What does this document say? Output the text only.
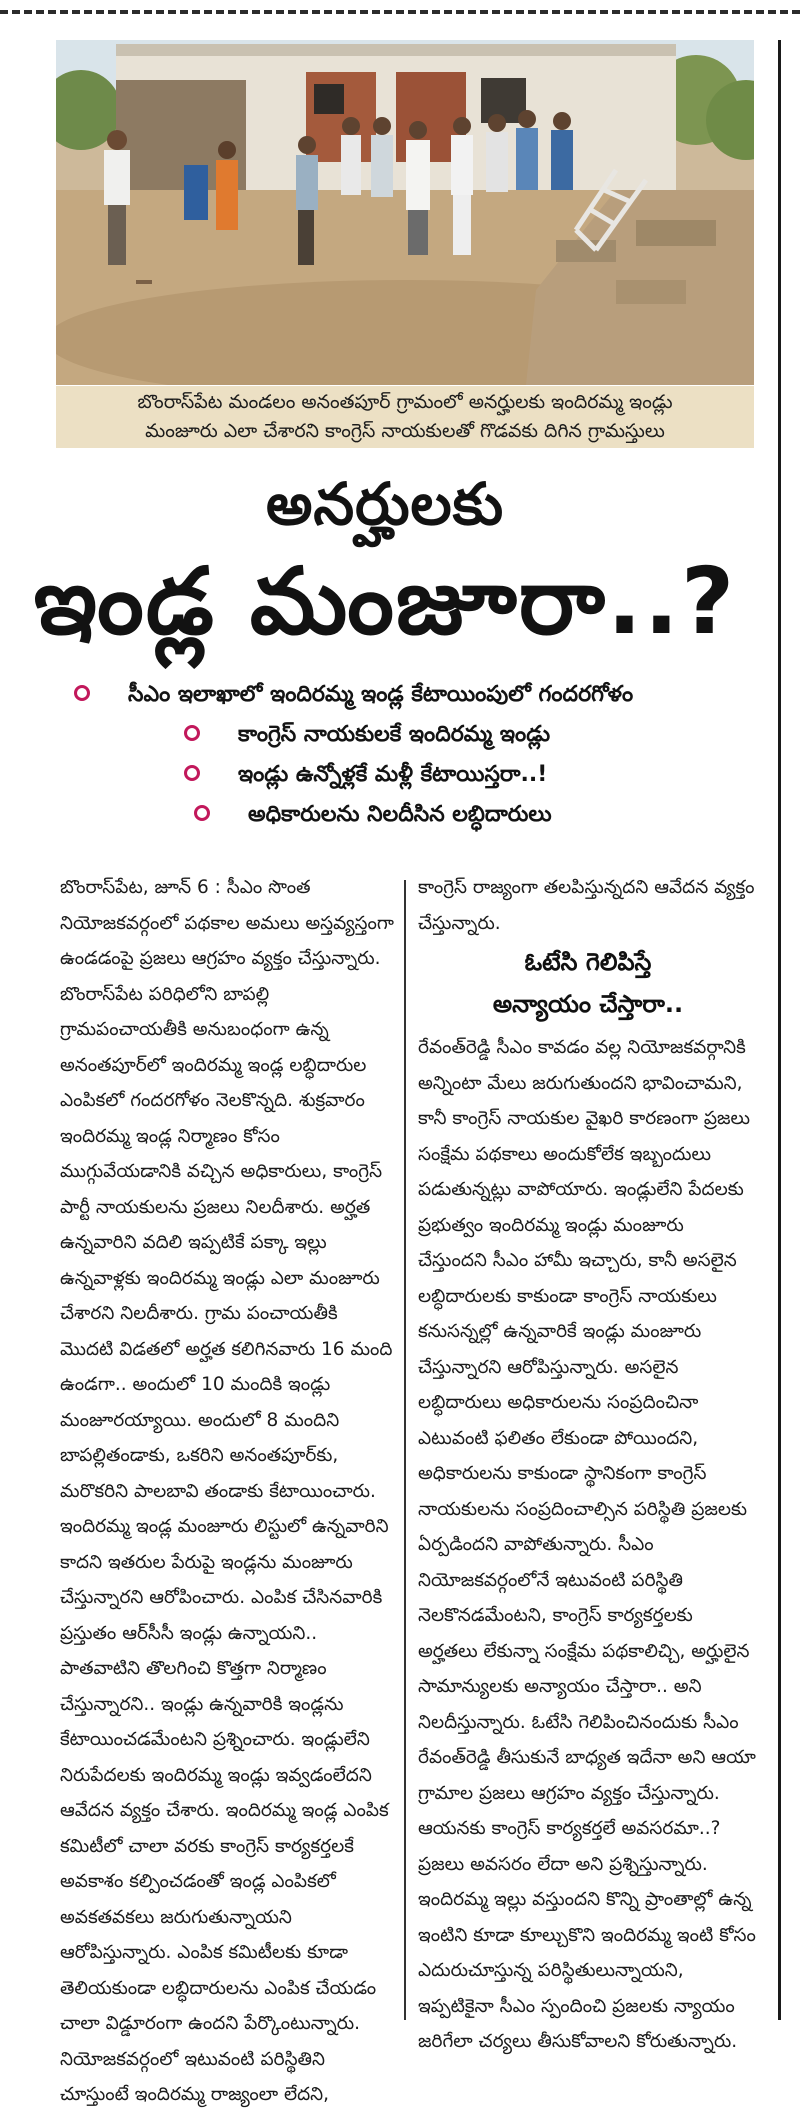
బొంరాస్‌పేట మండలం అనంతపూర్ గ్రామంలో అనర్హులకు ఇందిరమ్మ ఇండ్లు
మంజూరు ఎలా చేశారని కాంగ్రెస్ నాయకులతో గొడవకు దిగిన గ్రామస్తులు
అనర్హులకు
ఇండ్ల మంజూరా..?
సీఎం ఇలాఖాలో ఇందిరమ్మ ఇండ్ల కేటాయింపులో గందరగోళం
కాంగ్రెస్ నాయకులకే ఇందిరమ్మ ఇండ్లు
ఇండ్లు ఉన్నోళ్లకే మళ్లీ కేటాయిస్తరా..!
అధికారులను నిలదీసిన లబ్ధిదారులు

బొంరాస్‌పేట, జూన్ 6 : సీఎం సొంత నియోజకవర్గంలో పథకాల అమలు అస్తవ్యస్తంగా ఉండడంపై ప్రజలు ఆగ్రహం వ్యక్తం చేస్తున్నారు. బొంరాస్‌పేట పరిధిలోని బాపల్లి గ్రామపంచాయతీకి అనుబంధంగా ఉన్న అనంతపూర్‌లో ఇందిరమ్మ ఇండ్ల లబ్ధిదారుల ఎంపికలో గందరగోళం నెలకొన్నది. శుక్రవారం ఇందిరమ్మ ఇండ్ల నిర్మాణం కోసం ముగ్గువేయడానికి వచ్చిన అధికారులు, కాంగ్రెస్ పార్టీ నాయకులను ప్రజలు నిలదీశారు. అర్హత ఉన్నవారిని వదిలి ఇప్పటికే పక్కా ఇల్లు ఉన్నవాళ్లకు ఇందిరమ్మ ఇండ్లు ఎలా మంజూరు చేశారని నిలదీశారు. గ్రామ పంచాయతీకి మొదటి విడతలో అర్హత కలిగినవారు 16 మంది ఉండగా.. అందులో 10 మందికి ఇండ్లు మంజూరయ్యాయి. అందులో 8 మందిని బాపల్లితండాకు, ఒకరిని అనంతపూర్‌కు, మరొకరిని పాలబావి తండాకు కేటాయించారు. ఇందిరమ్మ ఇండ్ల మంజూరు లిస్టులో ఉన్నవారిని కాదని ఇతరుల పేరుపై ఇండ్లను మంజూరు చేస్తున్నారని ఆరోపించారు. ఎంపిక చేసినవారికి ప్రస్తుతం ఆర్‌సీసీ ఇండ్లు ఉన్నాయని.. పాతవాటిని తొలగించి కొత్తగా నిర్మాణం చేస్తున్నారని.. ఇండ్లు ఉన్నవారికి ఇండ్లను కేటాయించడమేంటని ప్రశ్నించారు. ఇండ్లులేని నిరుపేదలకు ఇందిరమ్మ ఇండ్లు ఇవ్వడంలేదని ఆవేదన వ్యక్తం చేశారు. ఇందిరమ్మ ఇండ్ల ఎంపిక కమిటీలో చాలా వరకు కాంగ్రెస్ కార్యకర్తలకే అవకాశం కల్పించడంతో ఇండ్ల ఎంపికలో అవకతవకలు జరుగుతున్నాయని ఆరోపిస్తున్నారు. ఎంపిక కమిటీలకు కూడా తెలియకుండా లబ్ధిదారులను ఎంపిక చేయడం చాలా విడ్డూరంగా ఉందని పేర్కొంటున్నారు. నియోజకవర్గంలో ఇటువంటి పరిస్థితిని చూస్తుంటే ఇందిరమ్మ రాజ్యంలా లేదని,

కాంగ్రెస్ రాజ్యంగా తలపిస్తున్నదని ఆవేదన వ్యక్తం చేస్తున్నారు.

ఓటేసి గెలిపిస్తే
అన్యాయం చేస్తారా..

రేవంత్‌రెడ్డి సీఎం కావడం వల్ల నియోజకవర్గానికి అన్నింటా మేలు జరుగుతుందని భావించామని, కానీ కాంగ్రెస్ నాయకుల వైఖరి కారణంగా ప్రజలు సంక్షేమ పథకాలు అందుకోలేక ఇబ్బందులు పడుతున్నట్లు వాపోయారు. ఇండ్లులేని పేదలకు ప్రభుత్వం ఇందిరమ్మ ఇండ్లు మంజూరు చేస్తుందని సీఎం హామీ ఇచ్చారు, కానీ అసలైన లబ్ధిదారులకు కాకుండా కాంగ్రెస్ నాయకులు కనుసన్నల్లో ఉన్నవారికే ఇండ్లు మంజూరు చేస్తున్నారని ఆరోపిస్తున్నారు. అసలైన లబ్ధిదారులు అధికారులను సంప్రదించినా ఎటువంటి ఫలితం లేకుండా పోయిందని, అధికారులను కాకుండా స్థానికంగా కాంగ్రెస్ నాయకులను సంప్రదించాల్సిన పరిస్థితి ప్రజలకు ఏర్పడిందని వాపోతున్నారు. సీఎం నియోజకవర్గంలోనే ఇటువంటి పరిస్థితి నెలకొనడమేంటని, కాంగ్రెస్ కార్యకర్తలకు అర్హతలు లేకున్నా సంక్షేమ పథకాలిచ్చి, అర్హులైన సామాన్యులకు అన్యాయం చేస్తారా.. అని నిలదీస్తున్నారు. ఓటేసి గెలిపించినందుకు సీఎం రేవంత్‌రెడ్డి తీసుకునే బాధ్యత ఇదేనా అని ఆయా గ్రామాల ప్రజలు ఆగ్రహం వ్యక్తం చేస్తున్నారు. ఆయనకు కాంగ్రెస్ కార్యకర్తలే అవసరమా..? ప్రజలు అవసరం లేదా అని ప్రశ్నిస్తున్నారు. ఇందిరమ్మ ఇల్లు వస్తుందని కొన్ని ప్రాంతాల్లో ఉన్న ఇంటిని కూడా కూల్చుకొని ఇందిరమ్మ ఇంటి కోసం ఎదురుచూస్తున్న పరిస్థితులున్నాయని, ఇప్పటికైనా సీఎం స్పందించి ప్రజలకు న్యాయం జరిగేలా చర్యలు తీసుకోవాలని కోరుతున్నారు.
